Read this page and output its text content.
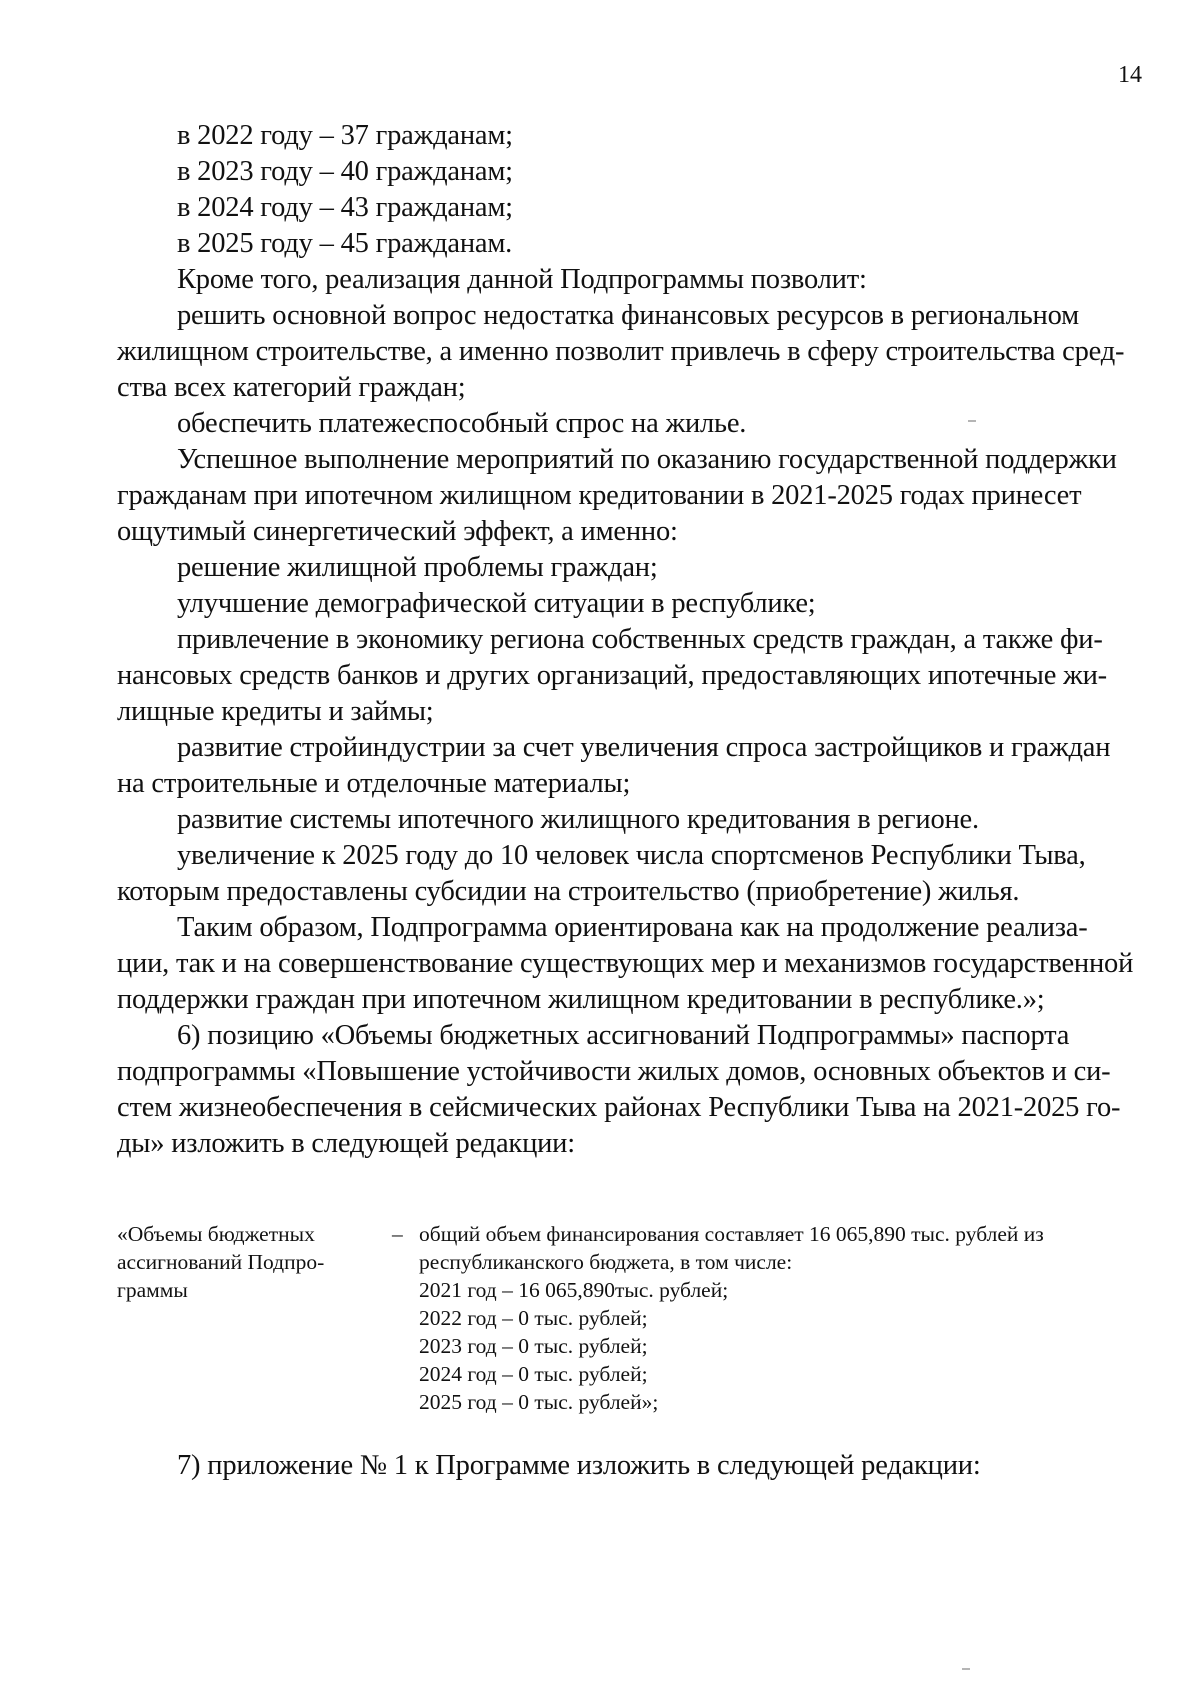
14

в 2022 году – 37 гражданам;

в 2023 году – 40 гражданам;

в 2024 году – 43 гражданам;

в 2025 году – 45 гражданам.

Кроме того, реализация данной Подпрограммы позволит:

решить основной вопрос недостатка финансовых ресурсов в региональном
жилищном строительстве, а именно позволит привлечь в сферу строительства сред-
ства всех категорий граждан;

обеспечить платежеспособный спрос на жилье.

Успешное выполнение мероприятий по оказанию государственной поддержки
гражданам при ипотечном жилищном кредитовании в 2021-2025 годах принесет
ощутимый синергетический эффект, а именно:

решение жилищной проблемы граждан;

улучшение демографической ситуации в республике;

привлечение в экономику региона собственных средств граждан, а также фи-
нансовых средств банков и других организаций, предоставляющих ипотечные жи-
лищные кредиты и займы;

развитие стройиндустрии за счет увеличения спроса застройщиков и граждан
на строительные и отделочные материалы;

развитие системы ипотечного жилищного кредитования в регионе.

увеличение к 2025 году до 10 человек числа спортсменов Республики Тыва,
которым предоставлены субсидии на строительство (приобретение) жилья.

Таким образом, Подпрограмма ориентирована как на продолжение реализа-
ции, так и на совершенствование существующих мер и механизмов государственной
поддержки граждан при ипотечном жилищном кредитовании в республике.»;

6) позицию «Объемы бюджетных ассигнований Подпрограммы» паспорта
подпрограммы «Повышение устойчивости жилых домов, основных объектов и си-
стем жизнеобеспечения в сейсмических районах Республики Тыва на 2021-2025 го-
ды» изложить в следующей редакции:

«Объемы бюджетных
ассигнований Подпро-
граммы
– общий объем финансирования составляет 16 065,890 тыс. рублей из
республиканского бюджета, в том числе:
2021 год – 16 065,890тыс. рублей;
2022 год – 0 тыс. рублей;
2023 год – 0 тыс. рублей;
2024 год – 0 тыс. рублей;
2025 год – 0 тыс. рублей»;
7) приложение № 1 к Программе изложить в следующей редакции:
